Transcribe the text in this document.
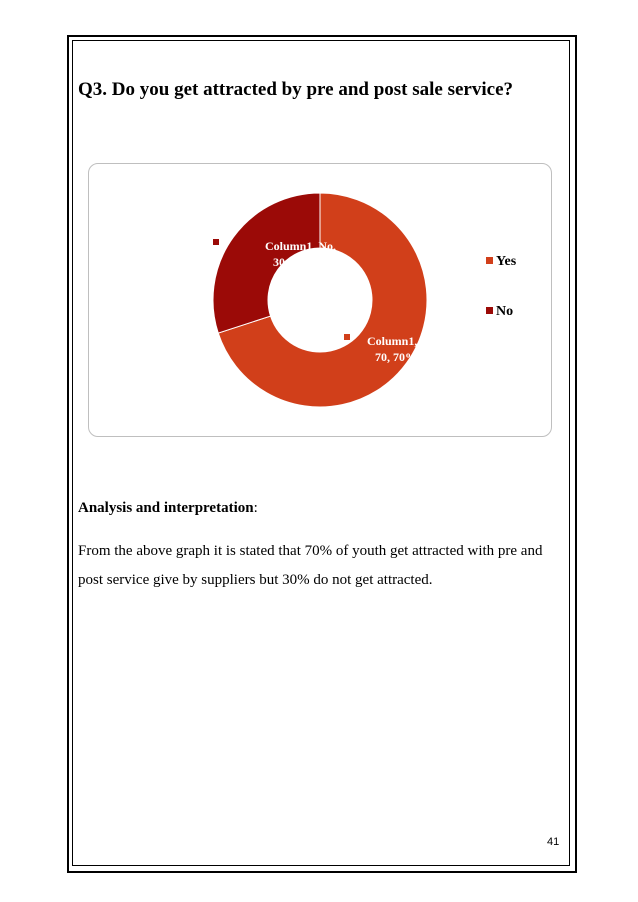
Q3. Do you get attracted by pre and post sale service?
Column1, Yes,
70, 70%
Column1, No,
30, 30%	Yes
No
Analysis and interpretation:
From the above graph it is stated that 70% of youth get attracted with pre and post service give by suppliers but 30% do not get attracted.
41
